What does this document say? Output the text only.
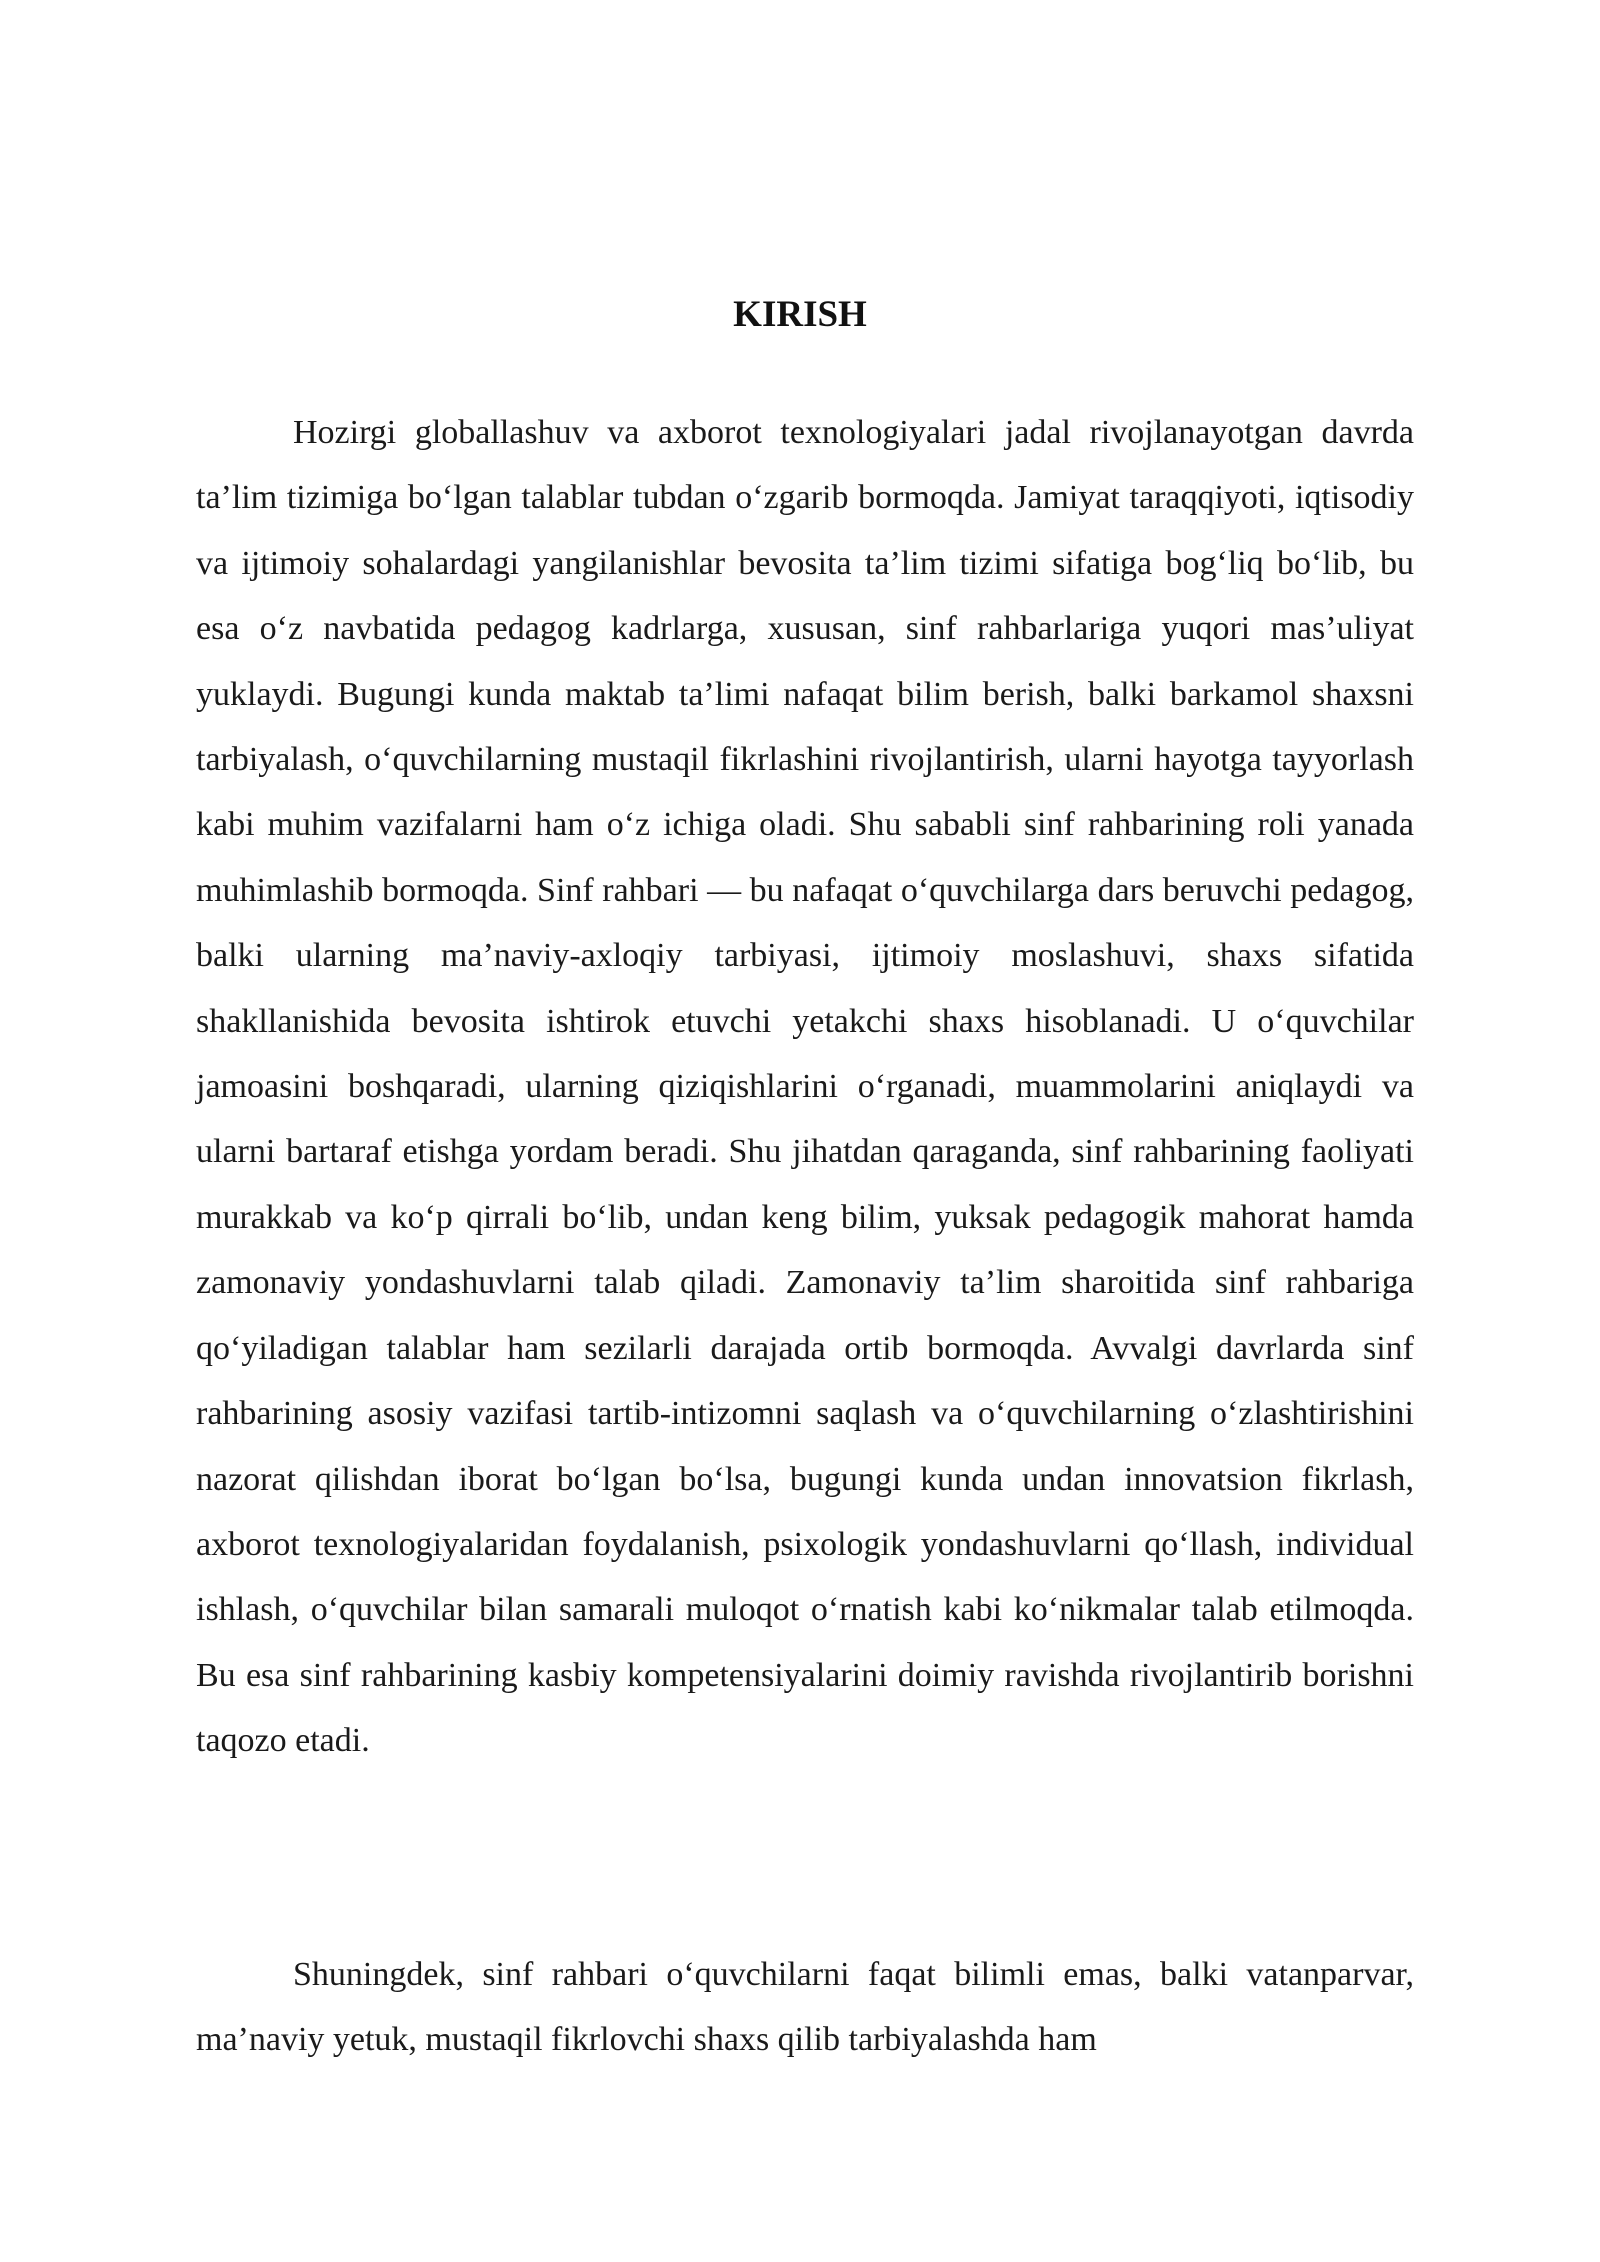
KIRISH

Hozirgi globallashuv va axborot texnologiyalari jadal rivojlanayotgan davrda ta’lim tizimiga bo‘lgan talablar tubdan o‘zgarib bormoqda. Jamiyat taraqqiyoti, iqtisodiy va ijtimoiy sohalardagi yangilanishlar bevosita ta’lim tizimi sifatiga bog‘liq bo‘lib, bu esa o‘z navbatida pedagog kadrlarga, xususan, sinf rahbarlariga yuqori mas’uliyat yuklaydi. Bugungi kunda maktab ta’limi nafaqat bilim berish, balki barkamol shaxsni tarbiyalash, o‘quvchilarning mustaqil fikrlashini rivojlantirish, ularni hayotga tayyorlash kabi muhim vazifalarni ham o‘z ichiga oladi. Shu sababli sinf rahbarining roli yanada muhimlashib bormoqda. Sinf rahbari — bu nafaqat o‘quvchilarga dars beruvchi pedagog, balki ularning ma’naviy-axloqiy tarbiyasi, ijtimoiy moslashuvi, shaxs sifatida shakllanishida bevosita ishtirok etuvchi yetakchi shaxs hisoblanadi. U o‘quvchilar jamoasini boshqaradi, ularning qiziqishlarini o‘rganadi, muammolarini aniqlaydi va ularni bartaraf etishga yordam beradi. Shu jihatdan qaraganda, sinf rahbarining faoliyati murakkab va ko‘p qirrali bo‘lib, undan keng bilim, yuksak pedagogik mahorat hamda zamonaviy yondashuvlarni talab qiladi. Zamonaviy ta’lim sharoitida sinf rahbariga qo‘yiladigan talablar ham sezilarli darajada ortib bormoqda. Avvalgi davrlarda sinf rahbarining asosiy vazifasi tartib-intizomni saqlash va o‘quvchilarning o‘zlashtirishini nazorat qilishdan iborat bo‘lgan bo‘lsa, bugungi kunda undan innovatsion fikrlash, axborot texnologiyalaridan foydalanish, psixologik yondashuvlarni qo‘llash, individual ishlash, o‘quvchilar bilan samarali muloqot o‘rnatish kabi ko‘nikmalar talab etilmoqda. Bu esa sinf rahbarining kasbiy kompetensiyalarini doimiy ravishda rivojlantirib borishni taqozo etadi.

Shuningdek, sinf rahbari o‘quvchilarni faqat bilimli emas, balki vatanparvar, ma’naviy yetuk, mustaqil fikrlovchi shaxs qilib tarbiyalashda ham
